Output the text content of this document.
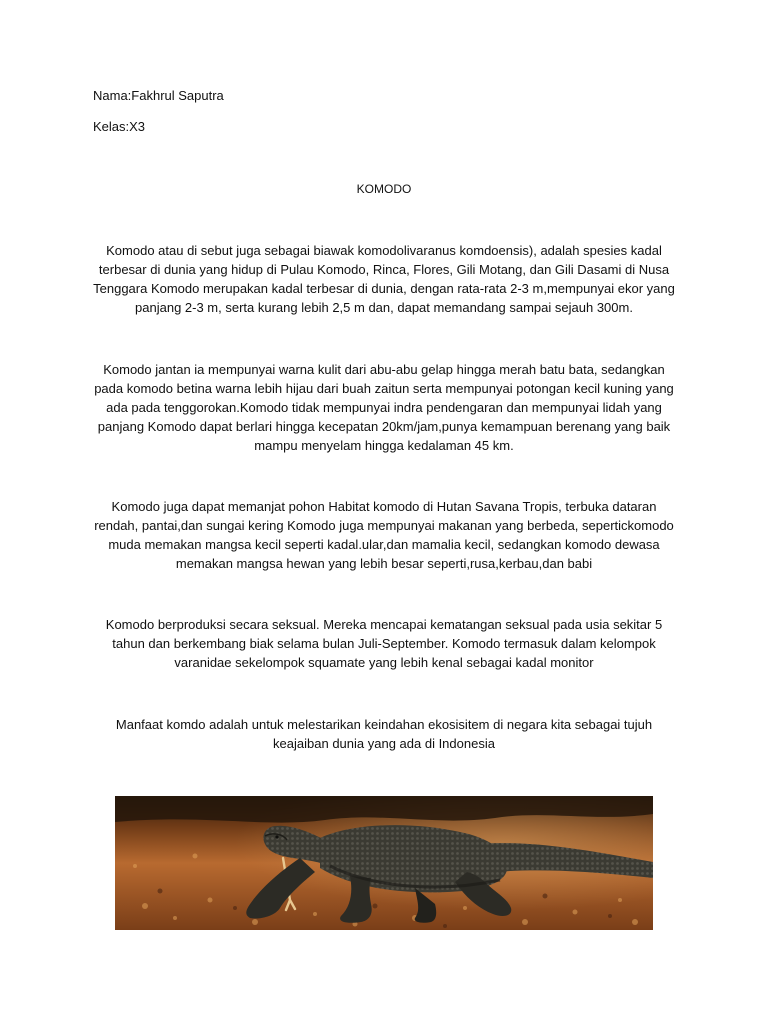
Nama:Fakhrul Saputra

Kelas:X3

KOMODO

Komodo atau di sebut juga sebagai biawak komodolivaranus komdoensis), adalah spesies kadal terbesar di dunia yang hidup di Pulau Komodo, Rinca, Flores, Gili Motang, dan Gili Dasami di Nusa Tenggara Komodo merupakan kadal terbesar di dunia, dengan rata-rata 2-3 m,mempunyai ekor yang panjang 2-3 m, serta kurang lebih 2,5 m dan, dapat memandang sampai sejauh 300m.

Komodo jantan ia mempunyai warna kulit dari abu-abu gelap hingga merah batu bata, sedangkan pada komodo betina warna lebih hijau dari buah zaitun serta mempunyai potongan kecil kuning yang ada pada tenggorokan.Komodo tidak mempunyai indra pendengaran dan mempunyai lidah yang panjang Komodo dapat berlari hingga kecepatan 20km/jam,punya kemampuan berenang yang baik mampu menyelam hingga kedalaman 45 km.

Komodo juga dapat memanjat pohon Habitat komodo di Hutan Savana Tropis, terbuka dataran rendah, pantai,dan sungai kering Komodo juga mempunyai makanan yang berbeda, sepertickomodo muda memakan mangsa kecil seperti kadal.ular,dan mamalia kecil, sedangkan komodo dewasa memakan mangsa hewan yang lebih besar seperti,rusa,kerbau,dan babi

Komodo berproduksi secara seksual. Mereka mencapai kematangan seksual pada usia sekitar 5 tahun dan berkembang biak selama bulan Juli-September. Komodo termasuk dalam kelompok varanidae sekelompok squamate yang lebih kenal sebagai kadal monitor

Manfaat komdo adalah untuk melestarikan keindahan ekosisitem di negara kita sebagai tujuh keajaiban dunia yang ada di Indonesia
